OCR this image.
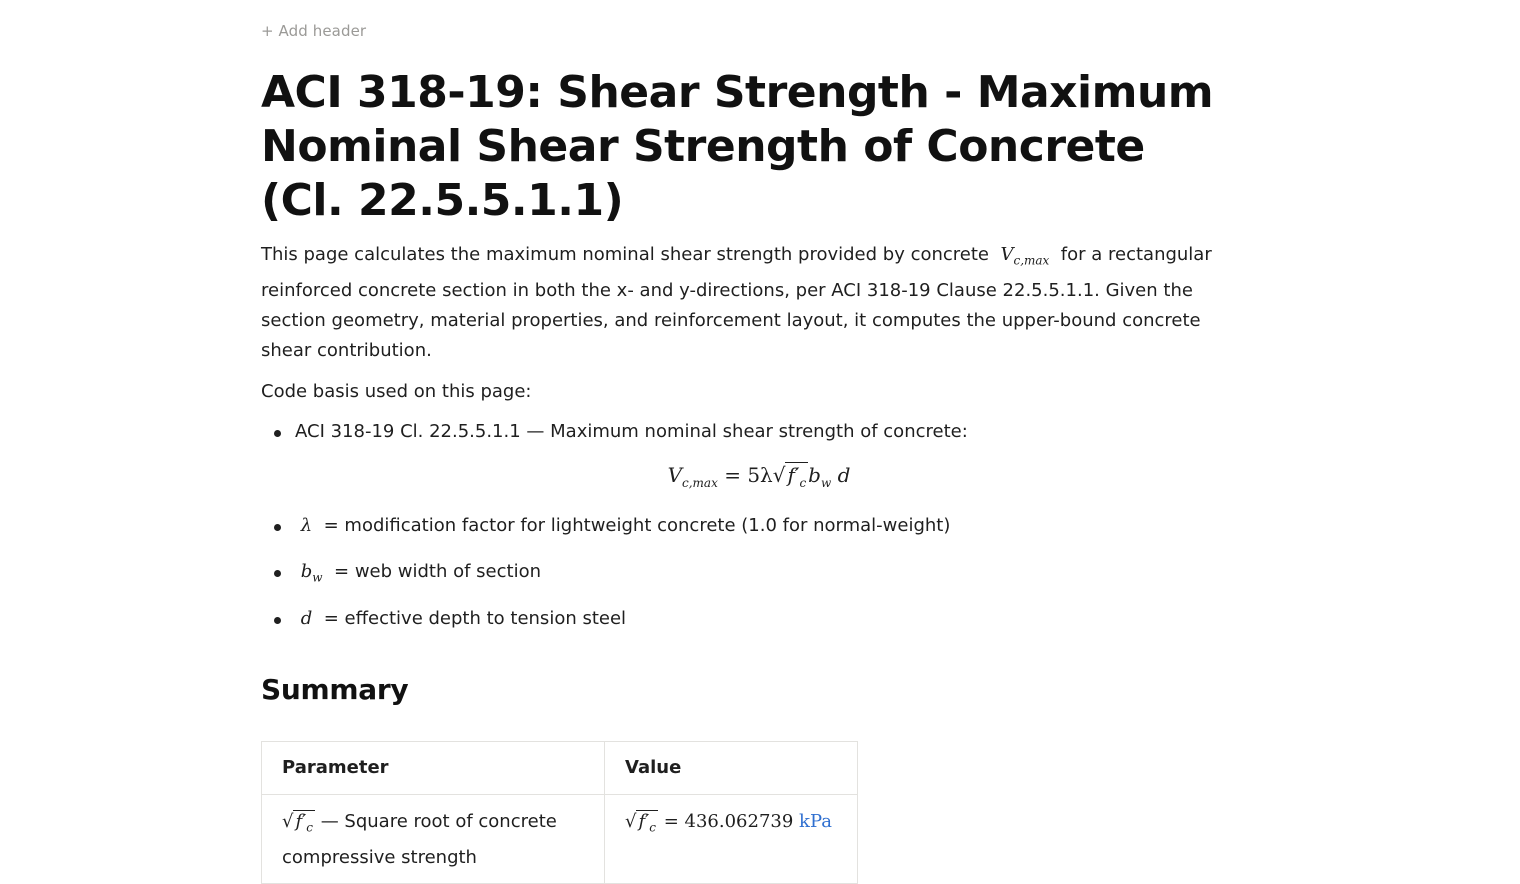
+ Add header
ACI 318-19: Shear Strength - Maximum Nominal Shear Strength of Concrete (Cl. 22.5.5.1.1)

This page calculates the maximum nominal shear strength provided by concrete $V_{c,max}$ for a rectangular reinforced concrete section in both the x- and y-directions, per ACI 318-19 Clause 22.5.5.1.1. Given the section geometry, material properties, and reinforcement layout, it computes the upper-bound concrete shear contribution.

Code basis used on this page:

ACI 318-19 Cl. 22.5.5.1.1 — Maximum nominal shear strength of concrete:
$V_{c,max} = 5\lambda√$ $f'_c$ $b_w$ d
λ = modification factor for lightweight concrete (1.0 for normal-weight)
$b_w$ = web width of section
d = effective depth to tension steel
Summary
Parameter	Value
√ $f'_c$ — Square root of concrete compressive strength	√ $f'_c = 436.062739$ kPa
